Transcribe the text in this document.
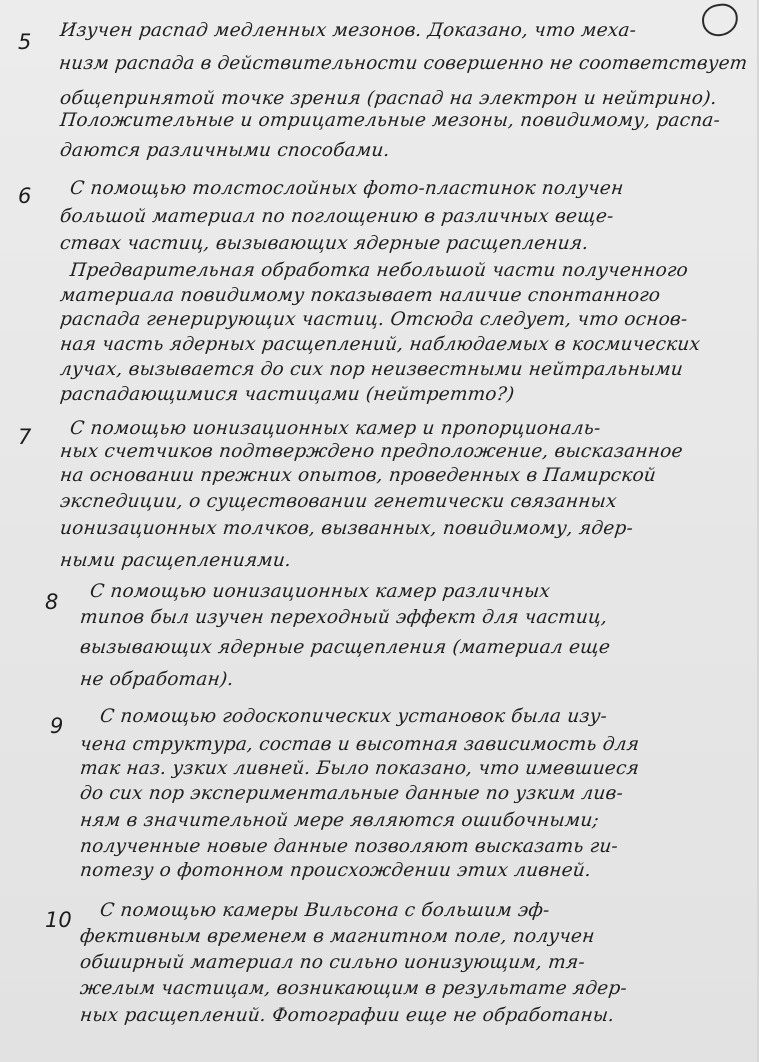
5 Изучен распад медленных мезонов. Доказано, что меха-
низм распада в действительности совершенно не соответствует
общепринятой точке зрения (распад на электрон и нейтрино).
Положительные и отрицательные мезоны, повидимому, распа-
даются различными способами.
6 С помощью толстослойных фото-пластинок получен
большой материал по поглощению в различных веще-
ствах частиц, вызывающих ядерные расщепления.
Предварительная обработка небольшой части полученного
материала повидимому показывает наличие спонтанного
распада генерирующих частиц. Отсюда следует, что основ-
ная часть ядерных расщеплений, наблюдаемых в космических
лучах, вызывается до сих пор неизвестными нейтральными
распадающимися частицами (нейтретто?)
7 С помощью ионизационных камер и пропорциональ-
ных счетчиков подтверждено предположение, высказанное
на основании прежних опытов, проведенных в Памирской
экспедиции, о существовании генетически связанных
ионизационных толчков, вызванных, повидимому, ядер-
ными расщеплениями.
8 С помощью ионизационных камер различных
типов был изучен переходный эффект для частиц,
вызывающих ядерные расщепления (материал еще
не обработан).
9 С помощью годоскопических установок была изу-
чена структура, состав и высотная зависимость для
так наз. узких ливней. Было показано, что имевшиеся
до сих пор экспериментальные данные по узким лив-
ням в значительной мере являются ошибочными;
полученные новые данные позволяют высказать ги-
потезу о фотонном происхождении этих ливней.
10 С помощью камеры Вильсона с большим эф-
фективным временем в магнитном поле, получен
обширный материал по сильно ионизующим, тя-
желым частицам, возникающим в результате ядер-
ных расщеплений. Фотографии еще не обработаны.
